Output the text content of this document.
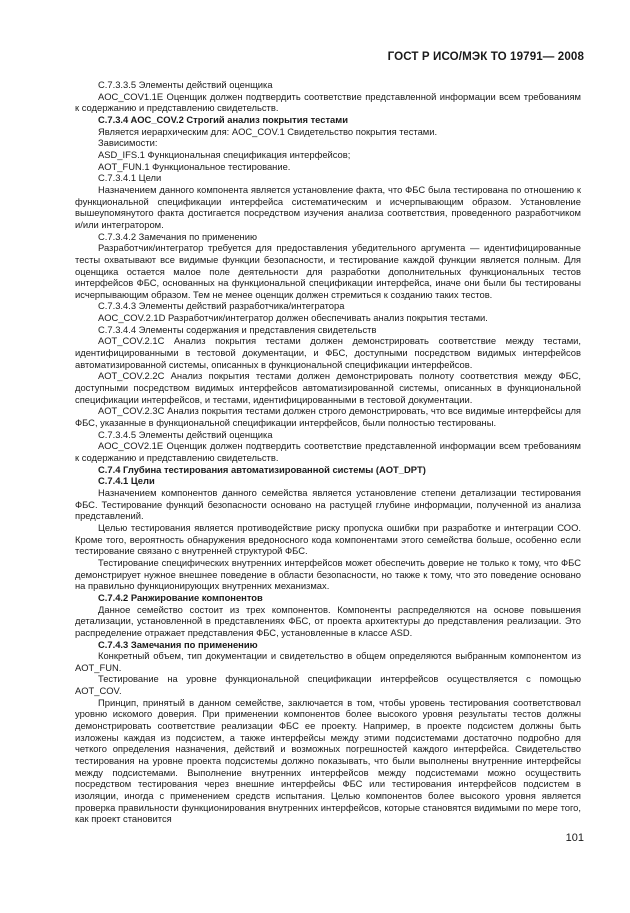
ГОСТ Р ИСО/МЭК ТО 19791— 2008

C.7.3.3.5 Элементы действий оценщика

AOC_COV1.1E Оценщик должен подтвердить соответствие представленной информации всем требованиям к содержанию и представлению свидетельств.

C.7.3.4 AOC_COV.2 Строгий анализ покрытия тестами

Является иерархическим для: AOC_COV.1 Свидетельство покрытия тестами.

Зависимости:

ASD_IFS.1 Функциональная спецификация интерфейсов;

AOT_FUN.1 Функциональное тестирование.

C.7.3.4.1 Цели

Назначением данного компонента является установление факта, что ФБС была тестирована по отношению к функциональной спецификации интерфейса систематическим и исчерпывающим образом. Установление вышеупомянутого факта достигается посредством изучения анализа соответствия, проведенного разработчиком и/или интегратором.

C.7.3.4.2 Замечания по применению

Разработчик/интегратор требуется для предоставления убедительного аргумента — идентифицированные тесты охватывают все видимые функции безопасности, и тестирование каждой функции является полным. Для оценщика остается малое поле деятельности для разработки дополнительных функциональных тестов интерфейсов ФБС, основанных на функциональной спецификации интерфейса, иначе они были бы тестированы исчерпывающим образом. Тем не менее оценщик должен стремиться к созданию таких тестов.

C.7.3.4.3 Элементы действий разработчика/интегратора

AOC_COV.2.1D Разработчик/интегратор должен обеспечивать анализ покрытия тестами.

C.7.3.4.4 Элементы содержания и представления свидетельств

AOT_COV.2.1C Анализ покрытия тестами должен демонстрировать соответствие между тестами, идентифицированными в тестовой документации, и ФБС, доступными посредством видимых интерфейсов автоматизированной системы, описанных в функциональной спецификации интерфейсов.

AOT_COV.2.2C Анализ покрытия тестами должен демонстрировать полноту соответствия между ФБС, доступными посредством видимых интерфейсов автоматизированной системы, описанных в функциональной спецификации интерфейсов, и тестами, идентифицированными в тестовой документации.

AOT_COV.2.3C Анализ покрытия тестами должен строго демонстрировать, что все видимые интерфейсы для ФБС, указанные в функциональной спецификации интерфейсов, были полностью тестированы.

C.7.3.4.5 Элементы действий оценщика

AOC_COV2.1E Оценщик должен подтвердить соответствие представленной информации всем требованиям к содержанию и представлению свидетельств.

C.7.4 Глубина тестирования автоматизированной системы (AOT_DPT)

C.7.4.1 Цели

Назначением компонентов данного семейства является установление степени детализации тестирования ФБС. Тестирование функций безопасности основано на растущей глубине информации, полученной из анализа представлений.

Целью тестирования является противодействие риску пропуска ошибки при разработке и интеграции СОО. Кроме того, вероятность обнаружения вредоносного кода компонентами этого семейства больше, особенно если тестирование связано с внутренней структурой ФБС.

Тестирование специфических внутренних интерфейсов может обеспечить доверие не только к тому, что ФБС демонстрирует нужное внешнее поведение в области безопасности, но также к тому, что это поведение основано на правильно функционирующих внутренних механизмах.

C.7.4.2 Ранжирование компонентов

Данное семейство состоит из трех компонентов. Компоненты распределяются на основе повышения детализации, установленной в представлениях ФБС, от проекта архитектуры до представления реализации. Это распределение отражает представления ФБС, установленные в классе ASD.

C.7.4.3 Замечания по применению

Конкретный объем, тип документации и свидетельство в общем определяются выбранным компонентом из AOT_FUN.

Тестирование на уровне функциональной спецификации интерфейсов осуществляется с помощью AOT_COV.

Принцип, принятый в данном семействе, заключается в том, чтобы уровень тестирования соответствовал уровню искомого доверия. При применении компонентов более высокого уровня результаты тестов должны демонстрировать соответствие реализации ФБС ее проекту. Например, в проекте подсистем должны быть изложены каждая из подсистем, а также интерфейсы между этими подсистемами достаточно подробно для четкого определения назначения, действий и возможных погрешностей каждого интерфейса. Свидетельство тестирования на уровне проекта подсистемы должно показывать, что были выполнены внутренние интерфейсы между подсистемами. Выполнение внутренних интерфейсов между подсистемами можно осуществить посредством тестирования через внешние интерфейсы ФБС или тестирования интерфейсов подсистем в изоляции, иногда с применением средств испытания. Целью компонентов более высокого уровня является проверка правильности функционирования внутренних интерфейсов, которые становятся видимыми по мере того, как проект становится

101
